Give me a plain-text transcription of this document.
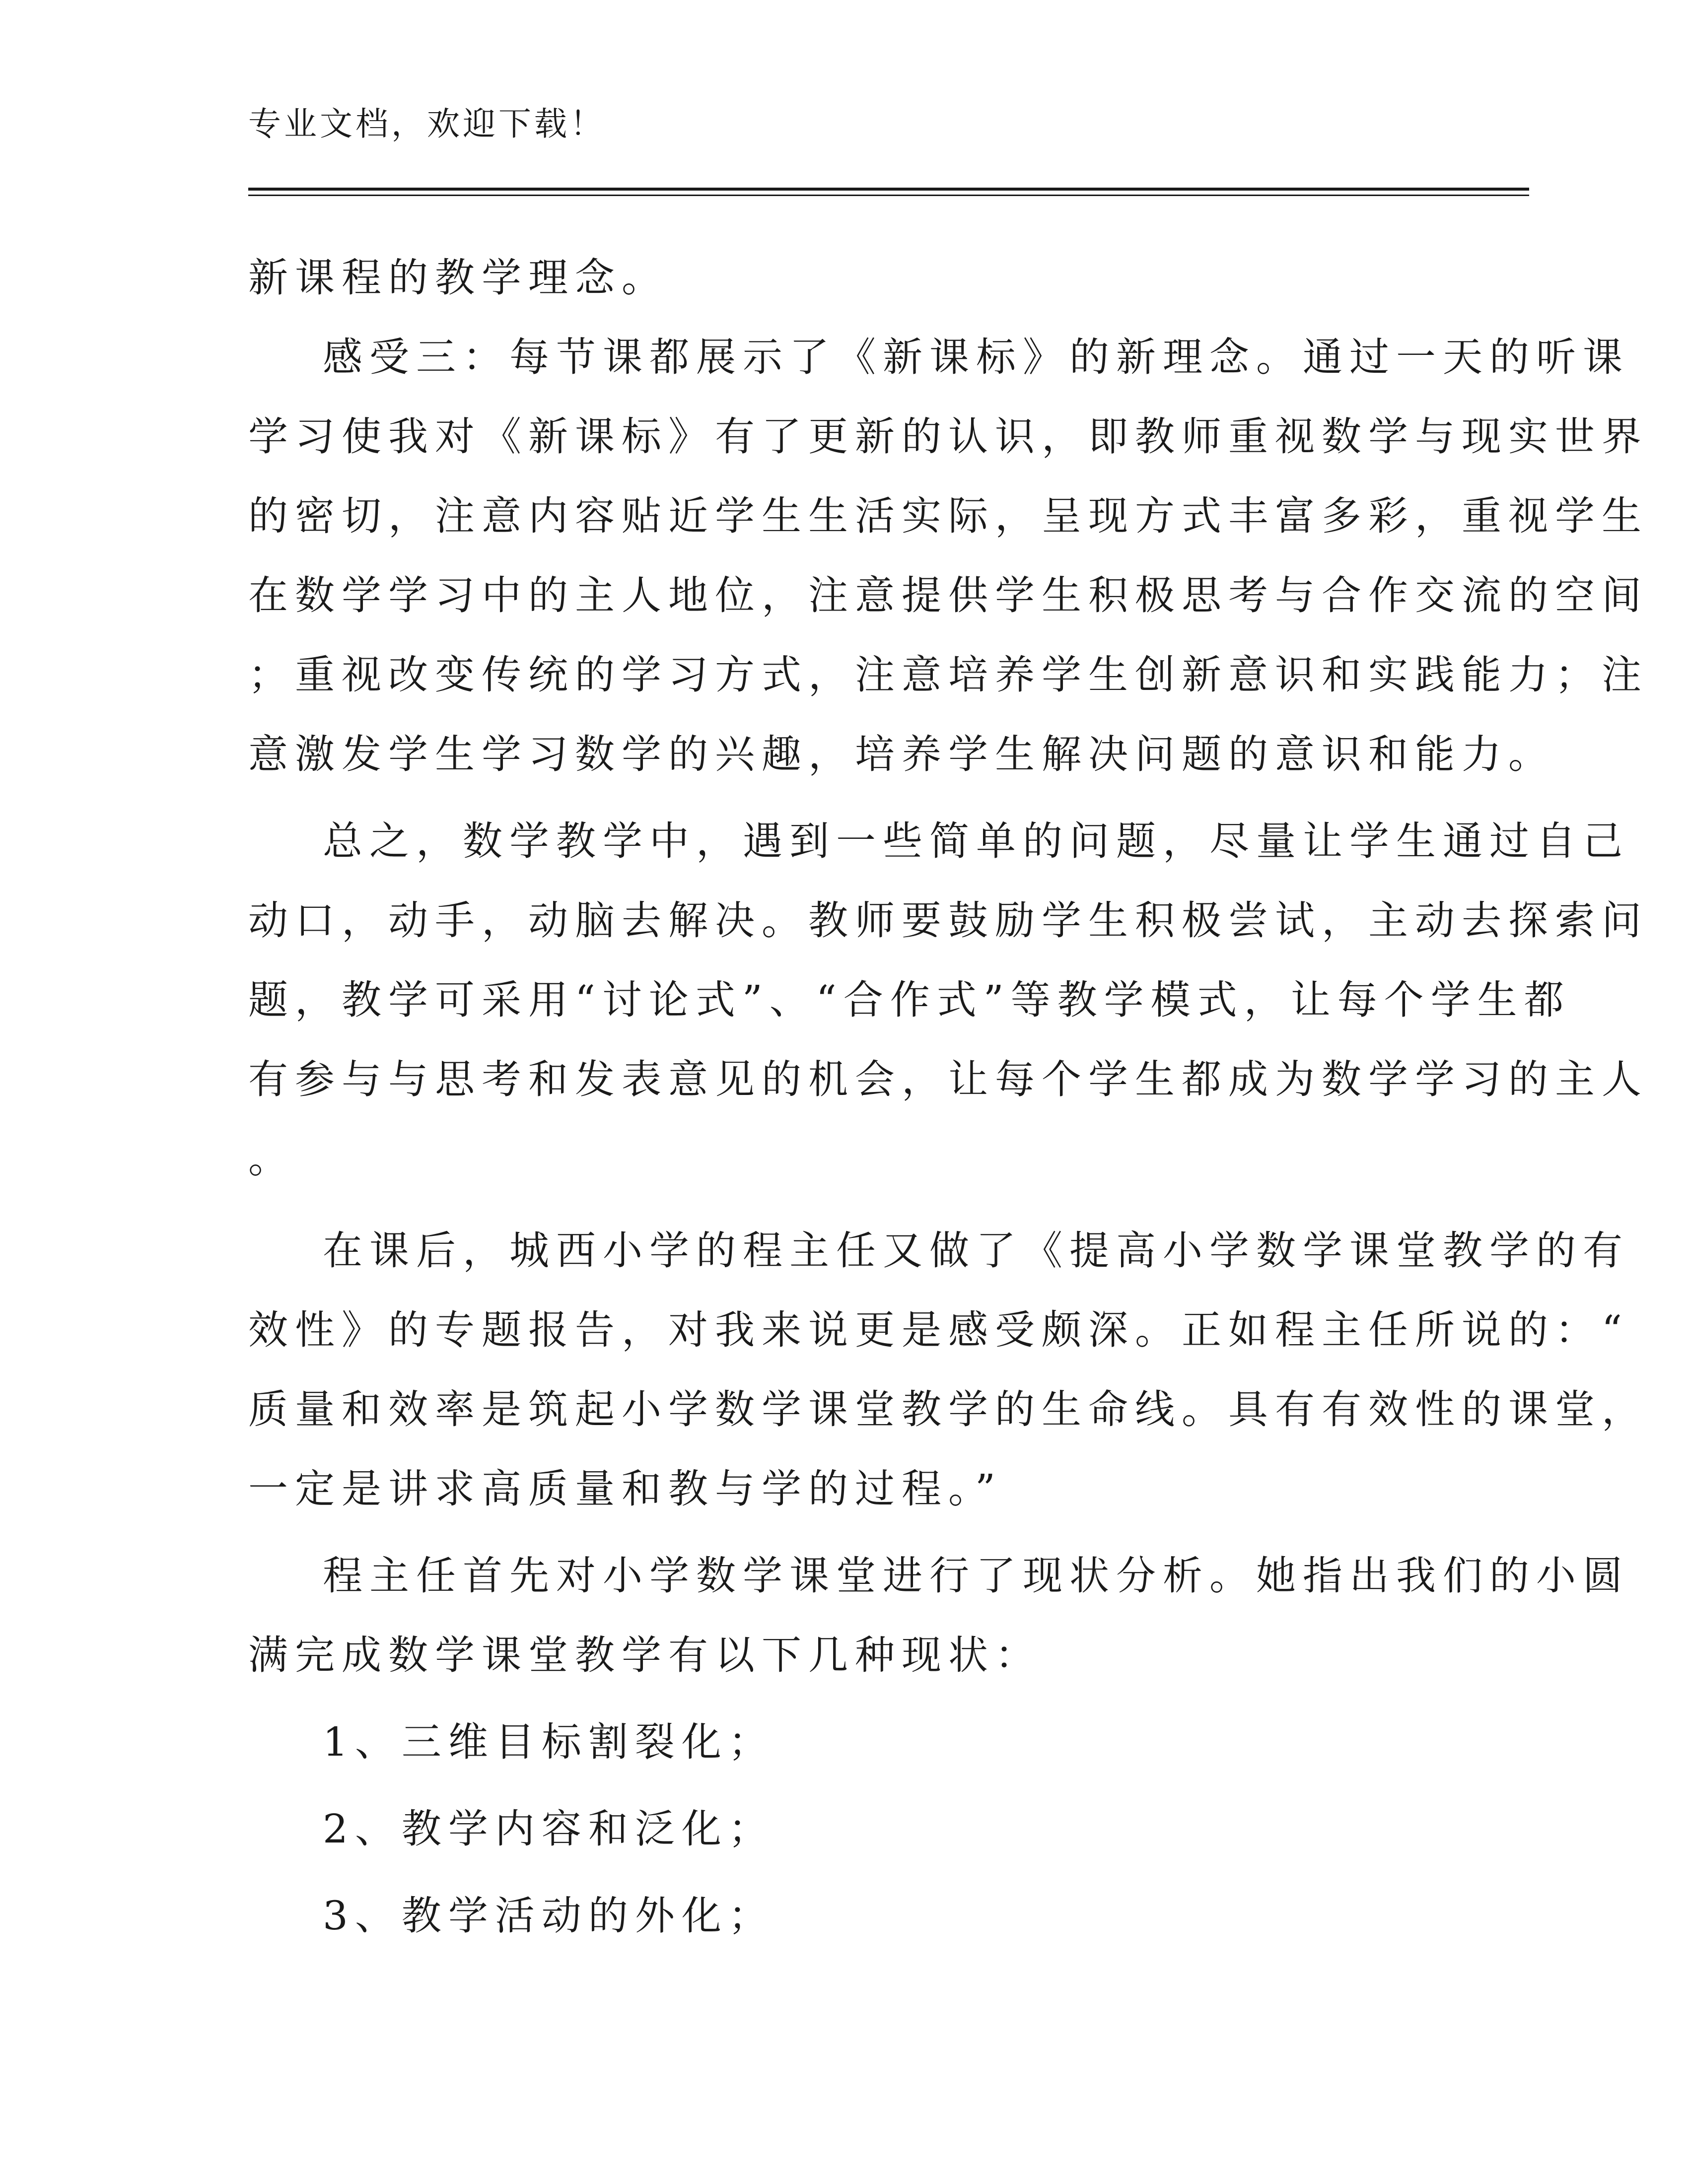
专业文档，欢迎下载！
新课程的教学理念。
感受三：每节课都展示了《新课标》的新理念。通过一天的听课
学习使我对《新课标》有了更新的认识，即教师重视数学与现实世界
的密切，注意内容贴近学生生活实际，呈现方式丰富多彩，重视学生
在数学学习中的主人地位，注意提供学生积极思考与合作交流的空间
；重视改变传统的学习方式，注意培养学生创新意识和实践能力；注
意激发学生学习数学的兴趣，培养学生解决问题的意识和能力。
总之，数学教学中，遇到一些简单的问题，尽量让学生通过自己
动口，动手，动脑去解决。教师要鼓励学生积极尝试，主动去探索问
题，教学可采用“讨论式”、“合作式”等教学模式，让每个学生都
有参与与思考和发表意见的机会，让每个学生都成为数学学习的主人
。
在课后，城西小学的程主任又做了《提高小学数学课堂教学的有
效性》的专题报告，对我来说更是感受颇深。正如程主任所说的：“
质量和效率是筑起小学数学课堂教学的生命线。具有有效性的课堂，
一定是讲求高质量和教与学的过程。”
程主任首先对小学数学课堂进行了现状分析。她指出我们的小圆
满完成数学课堂教学有以下几种现状：
1、三维目标割裂化；
2、教学内容和泛化；
3、教学活动的外化；
